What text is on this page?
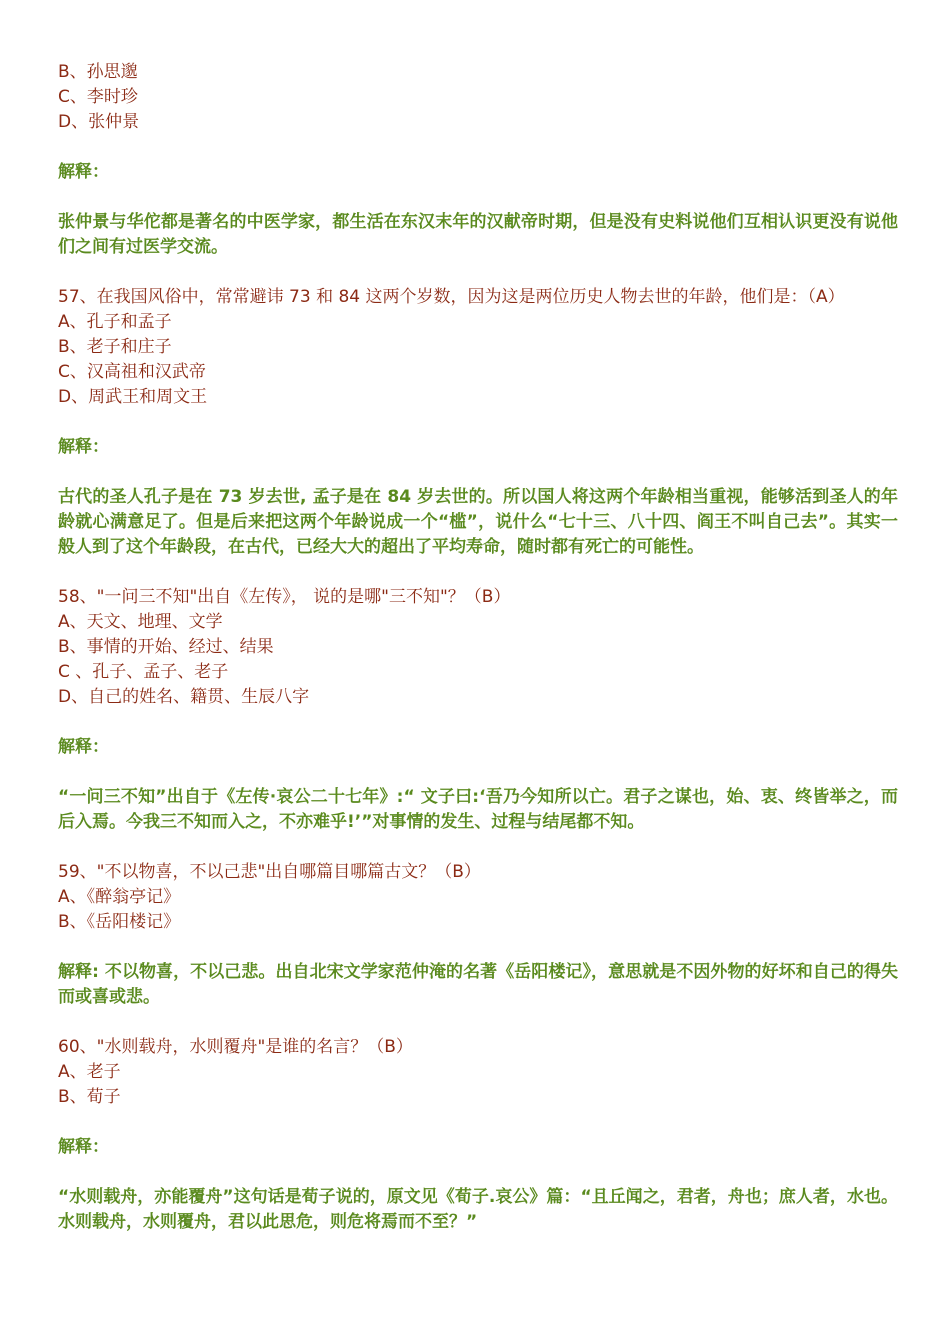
B、孙思邈
C、李时珍
D、张仲景
解释：
张仲景与华佗都是著名的中医学家，都生活在东汉末年的汉献帝时期，但是没有史料说他们互相认识更没有说他们之间有过医学交流。
57、在我国风俗中，常常避讳 73 和 84 这两个岁数，因为这是两位历史人物去世的年龄，他们是：（A）
A、孔子和孟子
B、老子和庄子
C、汉高祖和汉武帝
D、周武王和周文王
解释：
古代的圣人孔子是在 73 岁去世, 孟子是在 84 岁去世的。所以国人将这两个年龄相当重视，能够活到圣人的年龄就心满意足了。但是后来把这两个年龄说成一个“槛”，说什么“七十三、八十四、阎王不叫自己去”。其实一般人到了这个年龄段，在古代，已经大大的超出了平均寿命，随时都有死亡的可能性。
58、"一问三不知"出自《左传》， 说的是哪"三不知"？（B）
A、天文、地理、文学
B、事情的开始、经过、结果
C 、孔子、孟子、老子
D、自己的姓名、籍贯、生辰八字
解释：
“一问三不知”出自于《左传·哀公二十七年》:“ 文子曰:‘吾乃今知所以亡。君子之谋也，始、衷、终皆举之，而后入焉。今我三不知而入之，不亦难乎!’”对事情的发生、过程与结尾都不知。
59、"不以物喜，不以己悲"出自哪篇目哪篇古文？（B）
A、《醉翁亭记》
B、《岳阳楼记》
解释: 不以物喜，不以己悲。出自北宋文学家范仲淹的名著《岳阳楼记》，意思就是不因外物的好坏和自己的得失而或喜或悲。
60、"水则载舟，水则覆舟"是谁的名言？（B）
A、老子
B、荀子
解释：
“水则载舟，亦能覆舟”这句话是荀子说的，原文见《荀子.哀公》篇：“且丘闻之，君者，舟也；庶人者，水也。水则载舟，水则覆舟，君以此思危，则危将焉而不至？”
